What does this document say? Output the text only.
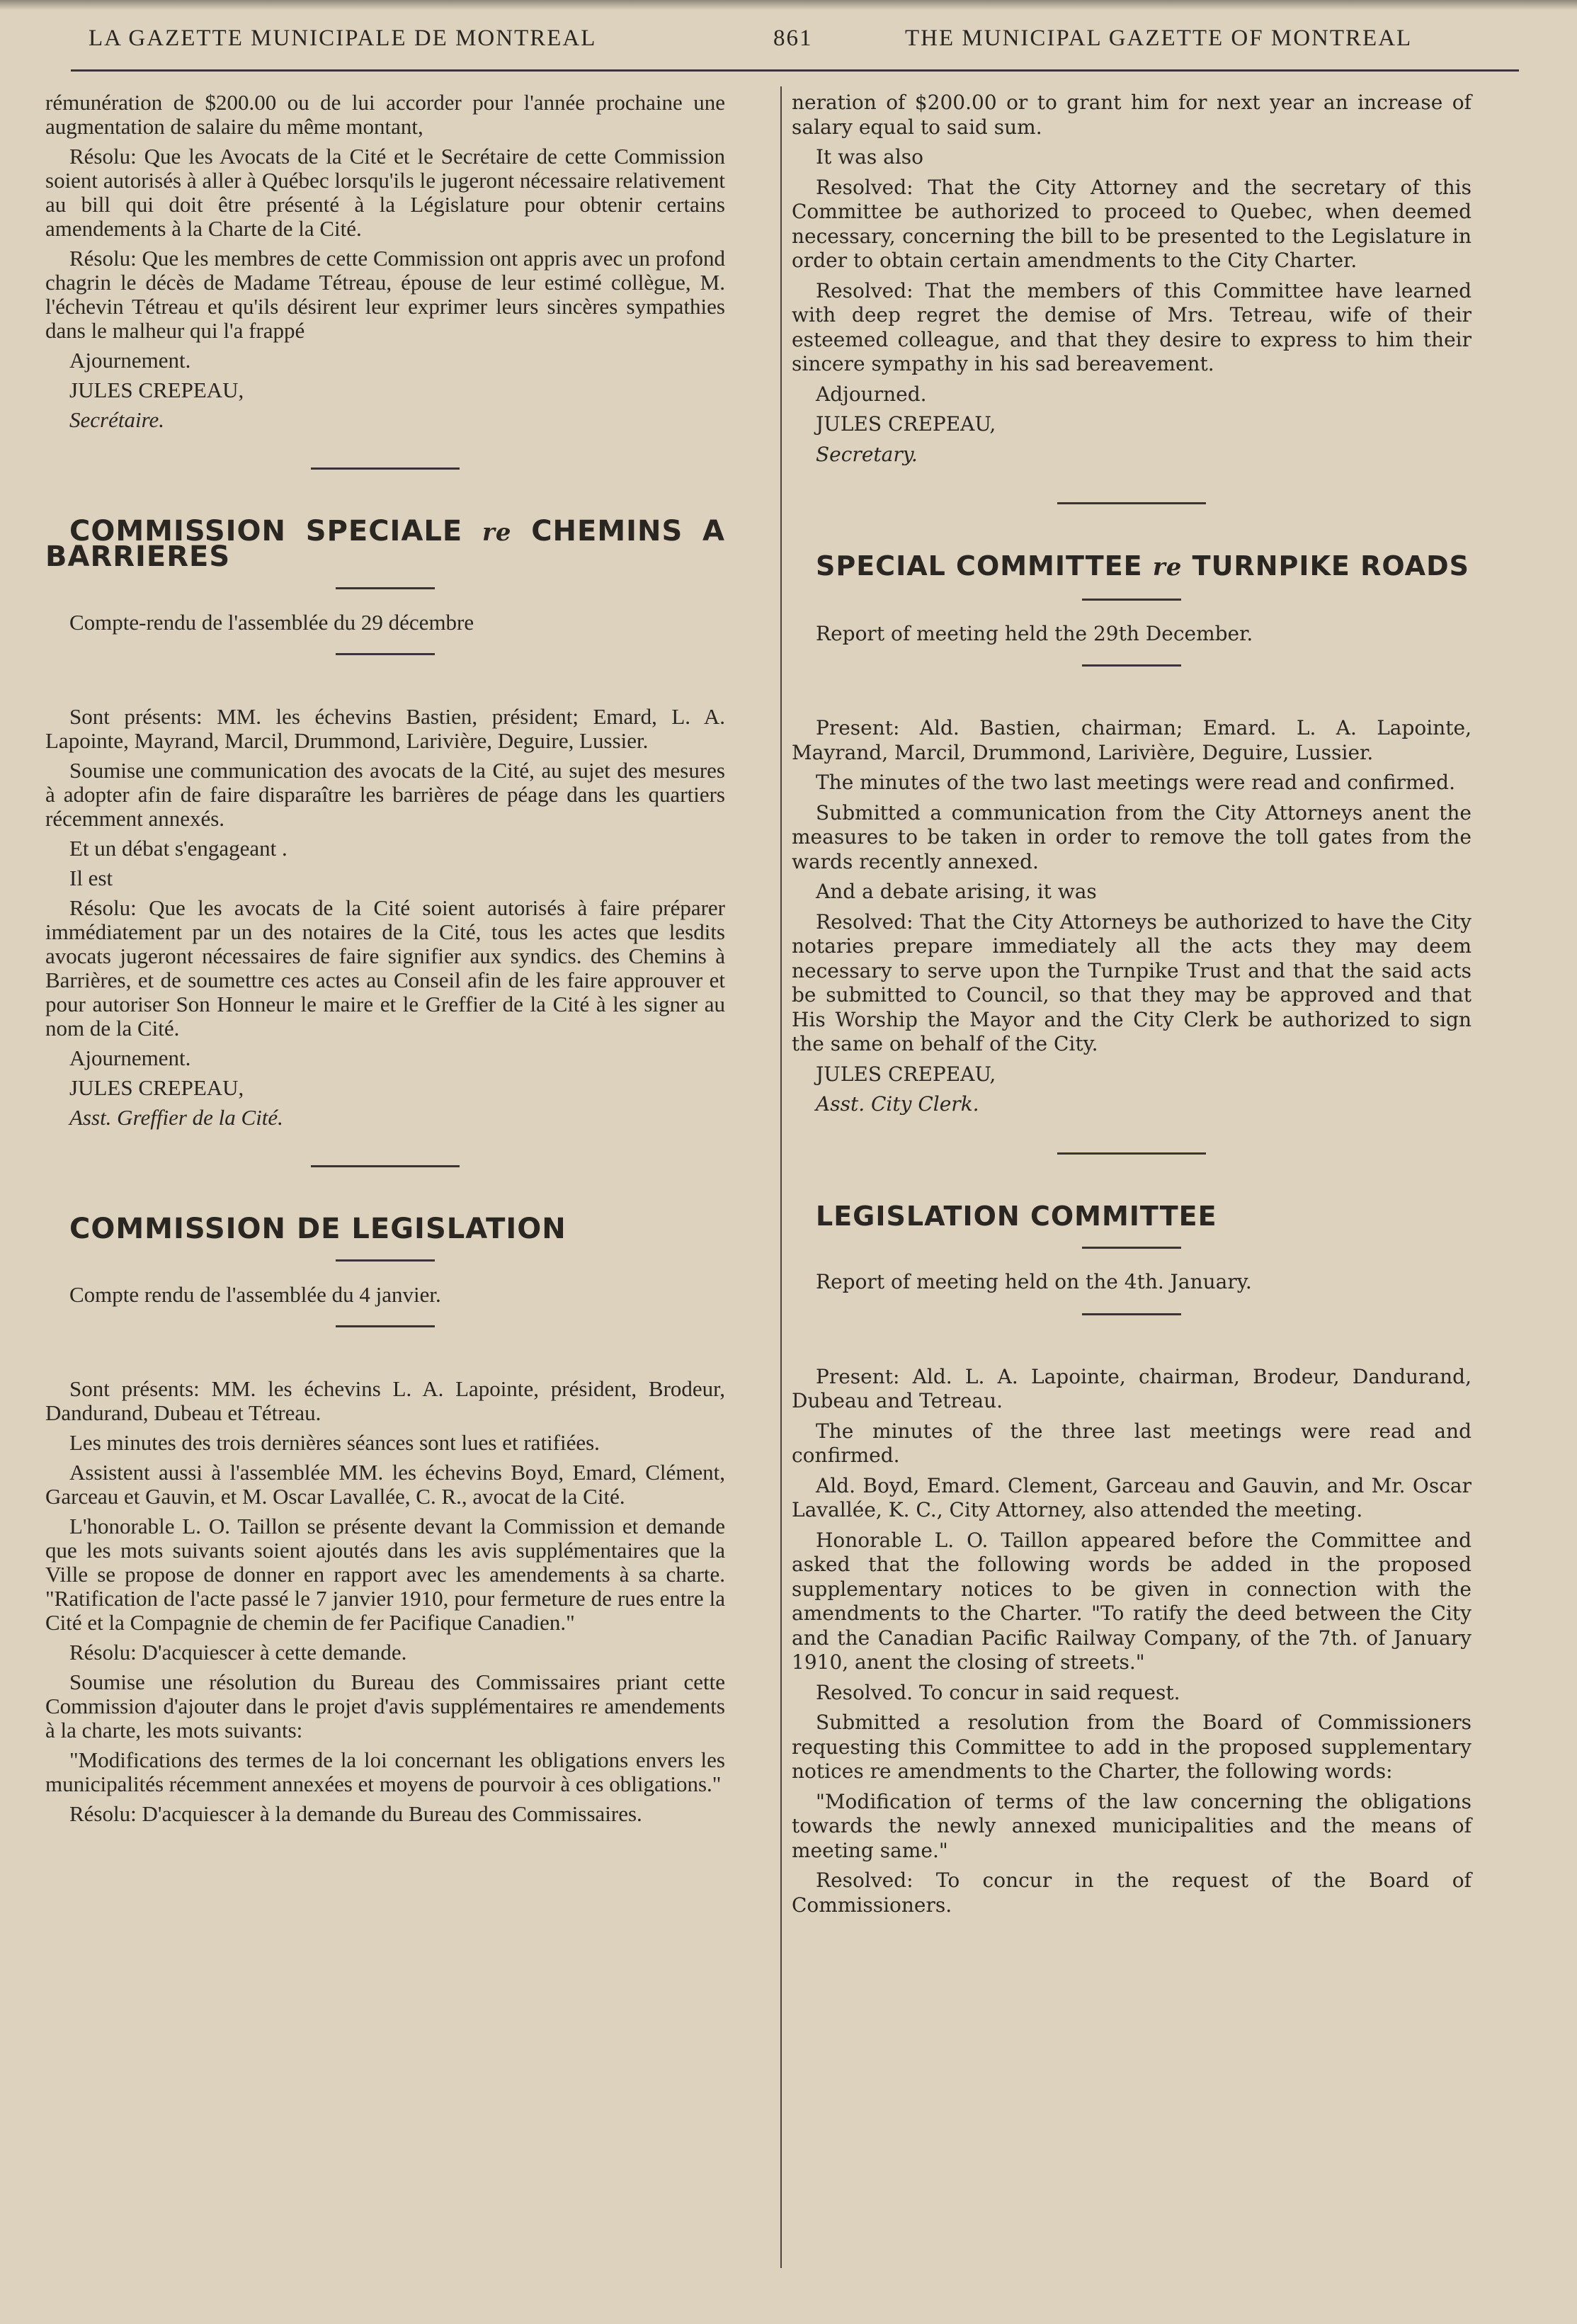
LA GAZETTE MUNICIPALE DE MONTREAL	861	THE MUNICIPAL GAZETTE OF MONTREAL

rémunération de $200.00 ou de lui accorder pour l'année prochaine une augmentation de salaire du même montant,

Résolu: Que les Avocats de la Cité et le Secrétaire de cette Commission soient autorisés à aller à Québec lorsqu'ils le jugeront nécessaire relativement au bill qui doit être présenté à la Législature pour obtenir certains amendements à la Charte de la Cité.

Résolu: Que les membres de cette Commission ont appris avec un profond chagrin le décès de Madame Tétreau, épouse de leur estimé collègue, M. l'échevin Tétreau et qu'ils désirent leur exprimer leurs sincères sympathies dans le malheur qui l'a frappé

Ajournement.

JULES CREPEAU,

Secrétaire.

COMMISSION SPECIALE re CHEMINS A BARRIERES

Compte-rendu de l'assemblée du 29 décembre

Sont présents: MM. les échevins Bastien, président; Emard, L. A. Lapointe, Mayrand, Marcil, Drummond, Larivière, Deguire, Lussier.

Soumise une communication des avocats de la Cité, au sujet des mesures à adopter afin de faire disparaître les barrières de péage dans les quartiers récemment annexés.

Et un débat s'engageant .

Il est

Résolu: Que les avocats de la Cité soient autorisés à faire préparer immédiatement par un des notaires de la Cité, tous les actes que lesdits avocats jugeront nécessaires de faire signifier aux syndics. des Chemins à Barrières, et de soumettre ces actes au Conseil afin de les faire approuver et pour autoriser Son Honneur le maire et le Greffier de la Cité à les signer au nom de la Cité.

Ajournement.

JULES CREPEAU,

Asst. Greffier de la Cité.

COMMISSION DE LEGISLATION

Compte rendu de l'assemblée du 4 janvier.

Sont présents: MM. les échevins L. A. Lapointe, président, Brodeur, Dandurand, Dubeau et Tétreau.

Les minutes des trois dernières séances sont lues et ratifiées.

Assistent aussi à l'assemblée MM. les échevins Boyd, Emard, Clément, Garceau et Gauvin, et M. Oscar Lavallée, C. R., avocat de la Cité.

L'honorable L. O. Taillon se présente devant la Commission et demande que les mots suivants soient ajoutés dans les avis supplémentaires que la Ville se propose de donner en rapport avec les amendements à sa charte. "Ratification de l'acte passé le 7 janvier 1910, pour fermeture de rues entre la Cité et la Compagnie de chemin de fer Pacifique Canadien."

Résolu: D'acquiescer à cette demande.

Soumise une résolution du Bureau des Commissaires priant cette Commission d'ajouter dans le projet d'avis supplémentaires re amendements à la charte, les mots suivants:

"Modifications des termes de la loi concernant les obligations envers les municipalités récemment annexées et moyens de pourvoir à ces obligations."

Résolu: D'acquiescer à la demande du Bureau des Commissaires.

neration of $200.00 or to grant him for next year an increase of salary equal to said sum.

It was also

Resolved: That the City Attorney and the secretary of this Committee be authorized to proceed to Quebec, when deemed necessary, concerning the bill to be presented to the Legislature in order to obtain certain amendments to the City Charter.

Resolved: That the members of this Committee have learned with deep regret the demise of Mrs. Tetreau, wife of their esteemed colleague, and that they desire to express to him their sincere sympathy in his sad bereavement.

Adjourned.

JULES CREPEAU,

Secretary.

SPECIAL COMMITTEE re TURNPIKE ROADS

Report of meeting held the 29th December.

Present: Ald. Bastien, chairman; Emard. L. A. Lapointe, Mayrand, Marcil, Drummond, Larivière, Deguire, Lussier.

The minutes of the two last meetings were read and confirmed.

Submitted a communication from the City Attorneys anent the measures to be taken in order to remove the toll gates from the wards recently annexed.

And a debate arising, it was

Resolved: That the City Attorneys be authorized to have the City notaries prepare immediately all the acts they may deem necessary to serve upon the Turnpike Trust and that the said acts be submitted to Council, so that they may be approved and that His Worship the Mayor and the City Clerk be authorized to sign the same on behalf of the City.

JULES CREPEAU,

Asst. City Clerk.

LEGISLATION COMMITTEE

Report of meeting held on the 4th. January.

Present: Ald. L. A. Lapointe, chairman, Brodeur, Dandurand, Dubeau and Tetreau.

The minutes of the three last meetings were read and confirmed.

Ald. Boyd, Emard. Clement, Garceau and Gauvin, and Mr. Oscar Lavallée, K. C., City Attorney, also attended the meeting.

Honorable L. O. Taillon appeared before the Committee and asked that the following words be added in the proposed supplementary notices to be given in connection with the amendments to the Charter. "To ratify the deed between the City and the Canadian Pacific Railway Company, of the 7th. of January 1910, anent the closing of streets."

Resolved. To concur in said request.

Submitted a resolution from the Board of Commissioners requesting this Committee to add in the proposed supplementary notices re amendments to the Charter, the following words:

"Modification of terms of the law concerning the obligations towards the newly annexed municipalities and the means of meeting same."

Resolved: To concur in the request of the Board of Commissioners.
